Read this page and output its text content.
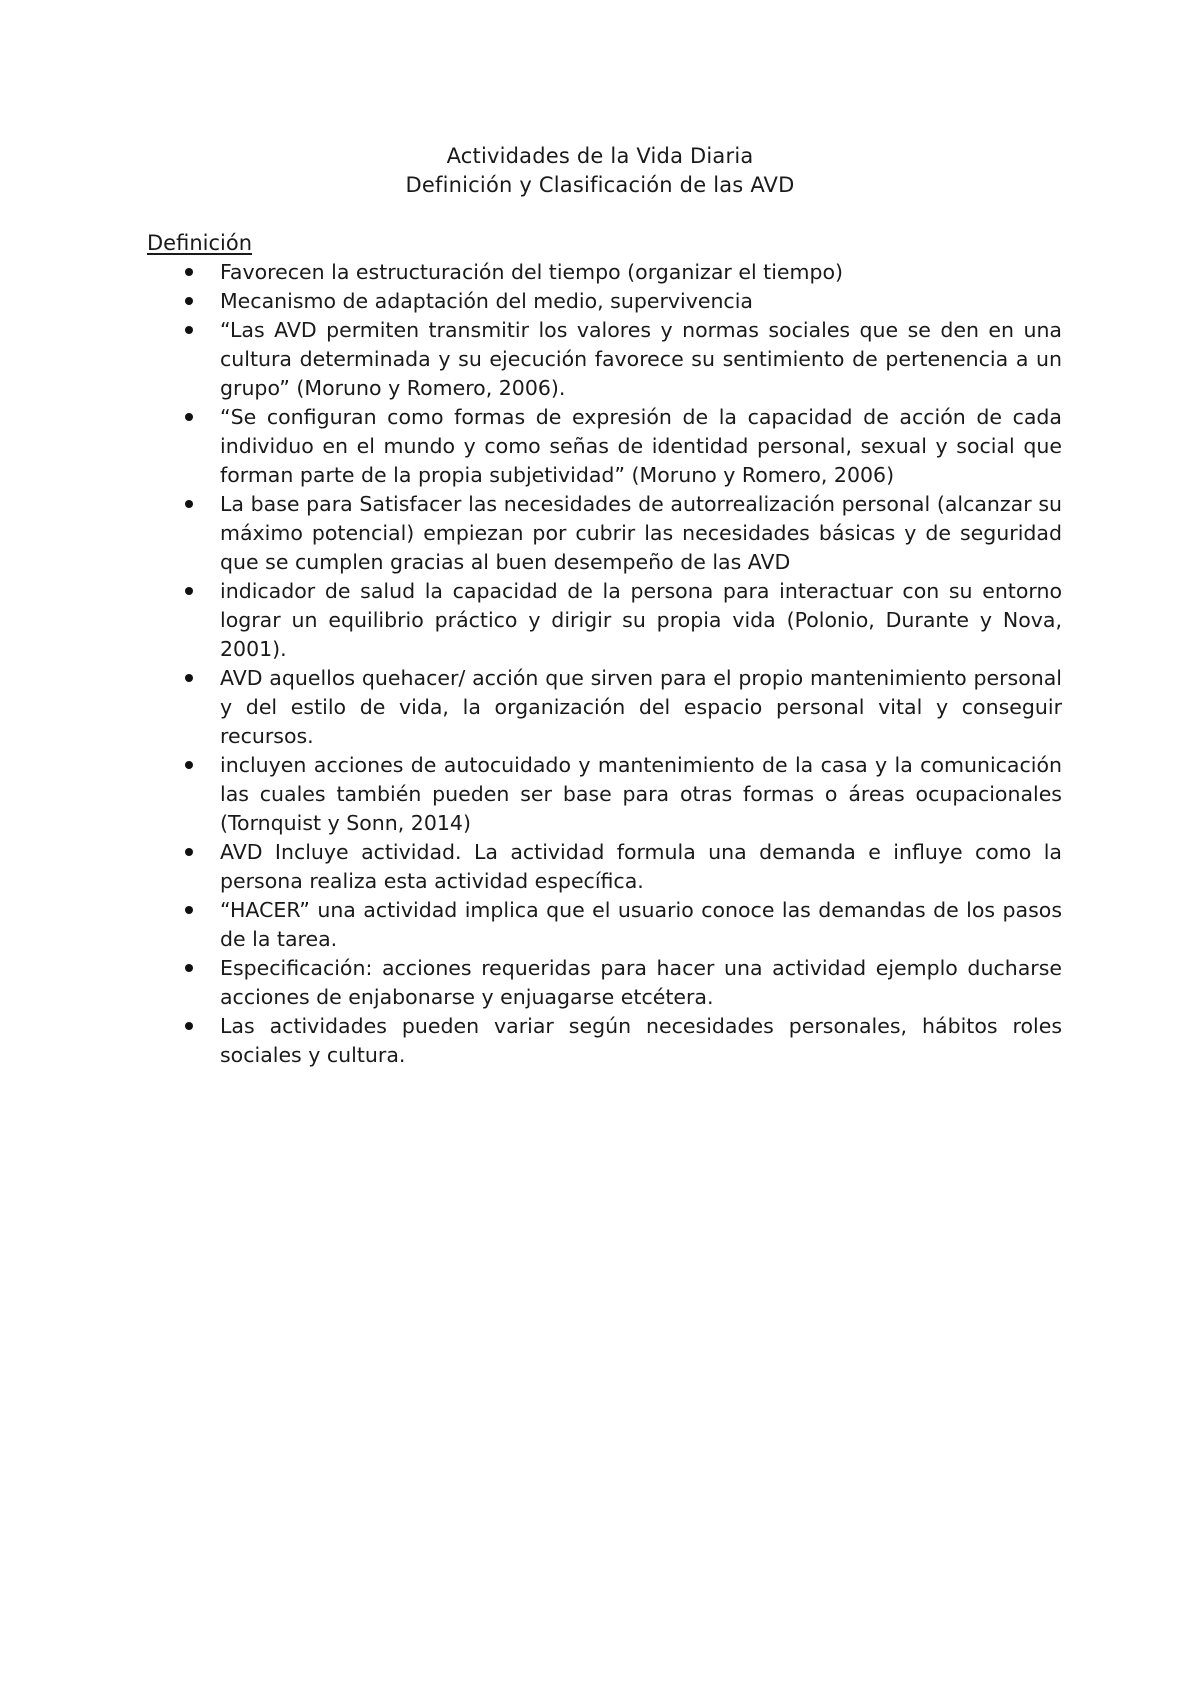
Actividades de la Vida Diaria
Definición y Clasificación de las AVD

Definición

Favorecen la estructuración del tiempo (organizar el tiempo)
Mecanismo de adaptación del medio, supervivencia
“Las AVD permiten transmitir los valores y normas sociales que se den en una cultura determinada y su ejecución favorece su sentimiento de pertenencia a un grupo” (Moruno y Romero, 2006).
“Se configuran como formas de expresión de la capacidad de acción de cada individuo en el mundo y como señas de identidad personal, sexual y social que forman parte de la propia subjetividad” (Moruno y Romero, 2006)
La base para Satisfacer las necesidades de autorrealización personal (alcanzar su máximo potencial) empiezan por cubrir las necesidades básicas y de seguridad que se cumplen gracias al buen desempeño de las AVD
indicador de salud la capacidad de la persona para interactuar con su entorno lograr un equilibrio práctico y dirigir su propia vida (Polonio, Durante y Nova, 2001).
AVD aquellos quehacer/ acción que sirven para el propio mantenimiento personal y del estilo de vida, la organización del espacio personal vital y conseguir recursos.
incluyen acciones de autocuidado y mantenimiento de la casa y la comunicación las cuales también pueden ser base para otras formas o áreas ocupacionales (Tornquist y Sonn, 2014)
AVD Incluye actividad. La actividad formula una demanda e influye como la persona realiza esta actividad específica.
“HACER” una actividad implica que el usuario conoce las demandas de los pasos de la tarea.
Especificación: acciones requeridas para hacer una actividad ejemplo ducharse acciones de enjabonarse y enjuagarse etcétera.
Las actividades pueden variar según necesidades personales, hábitos roles sociales y cultura.
